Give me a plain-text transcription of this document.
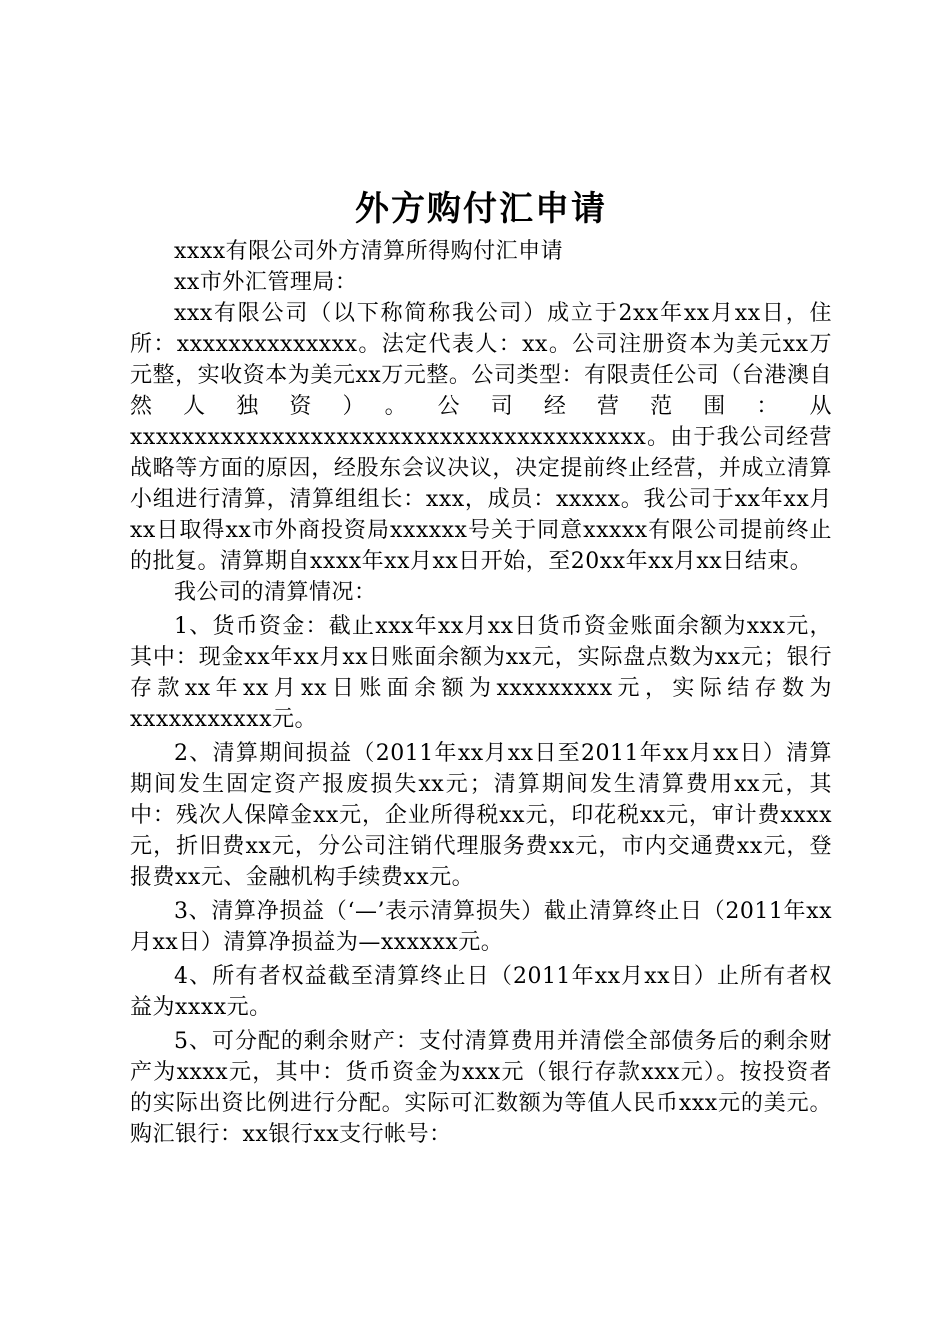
外方购付汇申请

xxxx有限公司外方清算所得购付汇申请

xx市外汇管理局：

xxx有限公司（以下称简称我公司）成立于2xx年xx月xx日，住所：xxxxxxxxxxxxxx。法定代表人：xx。公司注册资本为美元xx万元整，实收资本为美元xx万元整。公司类型：有限责任公司（台港澳自然人独资）。公司经营范围：从xxxxxxxxxxxxxxxxxxxxxxxxxxxxxxxxxxxxxxxx。由于我公司经营战略等方面的原因，经股东会议决议，决定提前终止经营，并成立清算小组进行清算，清算组组长：xxx，成员：xxxxx。我公司于xx年xx月xx日取得xx市外商投资局xxxxxx号关于同意xxxxx有限公司提前终止的批复。清算期自xxxx年xx月xx日开始，至20xx年xx月xx日结束。

我公司的清算情况：

1、货币资金：截止xxx年xx月xx日货币资金账面余额为xxx元，其中：现金xx年xx月xx日账面余额为xx元，实际盘点数为xx元；银行存款xx年xx月xx日账面余额为xxxxxxxxx元，实际结存数为xxxxxxxxxxx元。

2、清算期间损益（2011年xx月xx日至2011年xx月xx日）清算期间发生固定资产报废损失xx元；清算期间发生清算费用xx元，其中：残次人保障金xx元，企业所得税xx元，印花税xx元，审计费xxxx元，折旧费xx元，分公司注销代理服务费xx元，市内交通费xx元，登报费xx元、金融机构手续费xx元。

3、清算净损益（‘—’表示清算损失）截止清算终止日（2011年xx月xx日）清算净损益为—xxxxxx元。

4、所有者权益截至清算终止日（2011年xx月xx日）止所有者权益为xxxx元。

5、可分配的剩余财产：支付清算费用并清偿全部债务后的剩余财产为xxxx元，其中：货币资金为xxx元（银行存款xxx元）。按投资者的实际出资比例进行分配。实际可汇数额为等值人民币xxx元的美元。购汇银行：xx银行xx支行帐号：
